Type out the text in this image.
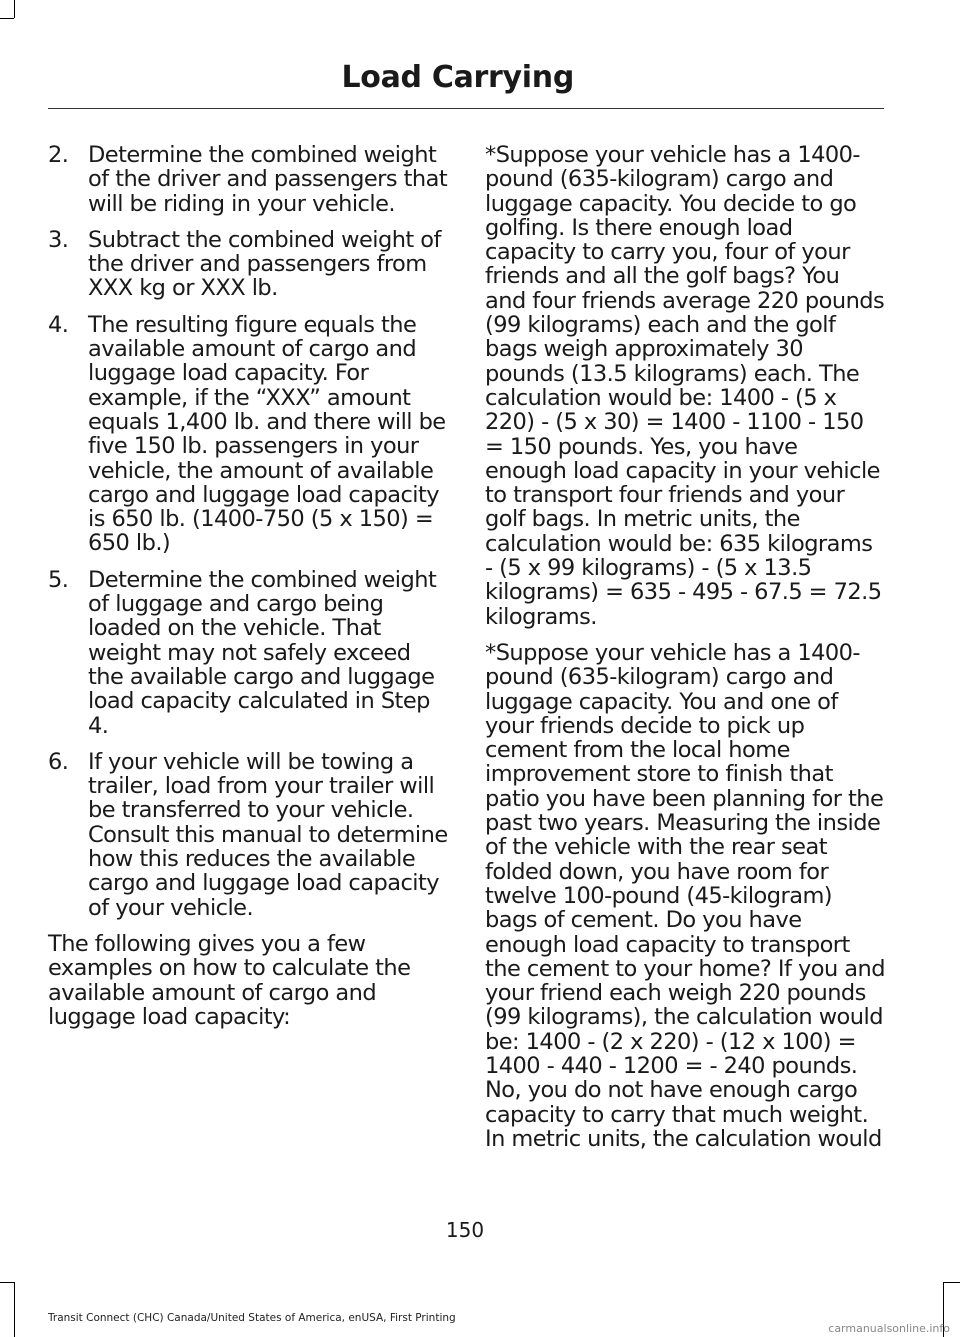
Load Carrying
2. Determine the combined weight of the driver and passengers that will be riding in your vehicle.
3. Subtract the combined weight of the driver and passengers from XXX kg or XXX lb.
4. The resulting figure equals the available amount of cargo and luggage load capacity. For example, if the “XXX” amount equals 1,400 lb. and there will be five 150 lb. passengers in your vehicle, the amount of available cargo and luggage load capacity is 650 lb. (1400-750 (5 x 150) = 650 lb.)
5. Determine the combined weight of luggage and cargo being loaded on the vehicle. That weight may not safely exceed the available cargo and luggage load capacity calculated in Step 4.
6. If your vehicle will be towing a trailer, load from your trailer will be transferred to your vehicle. Consult this manual to determine how this reduces the available cargo and luggage load capacity of your vehicle.

The following gives you a few examples on how to calculate the available amount of cargo and luggage load capacity:

*Suppose your vehicle has a 1400-pound (635-kilogram) cargo and luggage capacity. You decide to go golfing. Is there enough load capacity to carry you, four of your friends and all the golf bags? You and four friends average 220 pounds (99 kilograms) each and the golf bags weigh approximately 30 pounds (13.5 kilograms) each. The calculation would be: 1400 - (5 x 220) - (5 x 30) = 1400 - 1100 - 150 = 150 pounds. Yes, you have enough load capacity in your vehicle to transport four friends and your golf bags. In metric units, the calculation would be: 635 kilograms - (5 x 99 kilograms) - (5 x 13.5 kilograms) = 635 - 495 - 67.5 = 72.5 kilograms.

*Suppose your vehicle has a 1400-pound (635-kilogram) cargo and luggage capacity. You and one of your friends decide to pick up cement from the local home improvement store to finish that patio you have been planning for the past two years. Measuring the inside of the vehicle with the rear seat folded down, you have room for twelve 100-pound (45-kilogram) bags of cement. Do you have enough load capacity to transport the cement to your home? If you and your friend each weigh 220 pounds (99 kilograms), the calculation would be: 1400 - (2 x 220) - (12 x 100) = 1400 - 440 - 1200 = - 240 pounds. No, you do not have enough cargo capacity to carry that much weight. In metric units, the calculation would

150
Transit Connect (CHC) Canada/United States of America, enUSA, First Printing
carmanualsonline.info
